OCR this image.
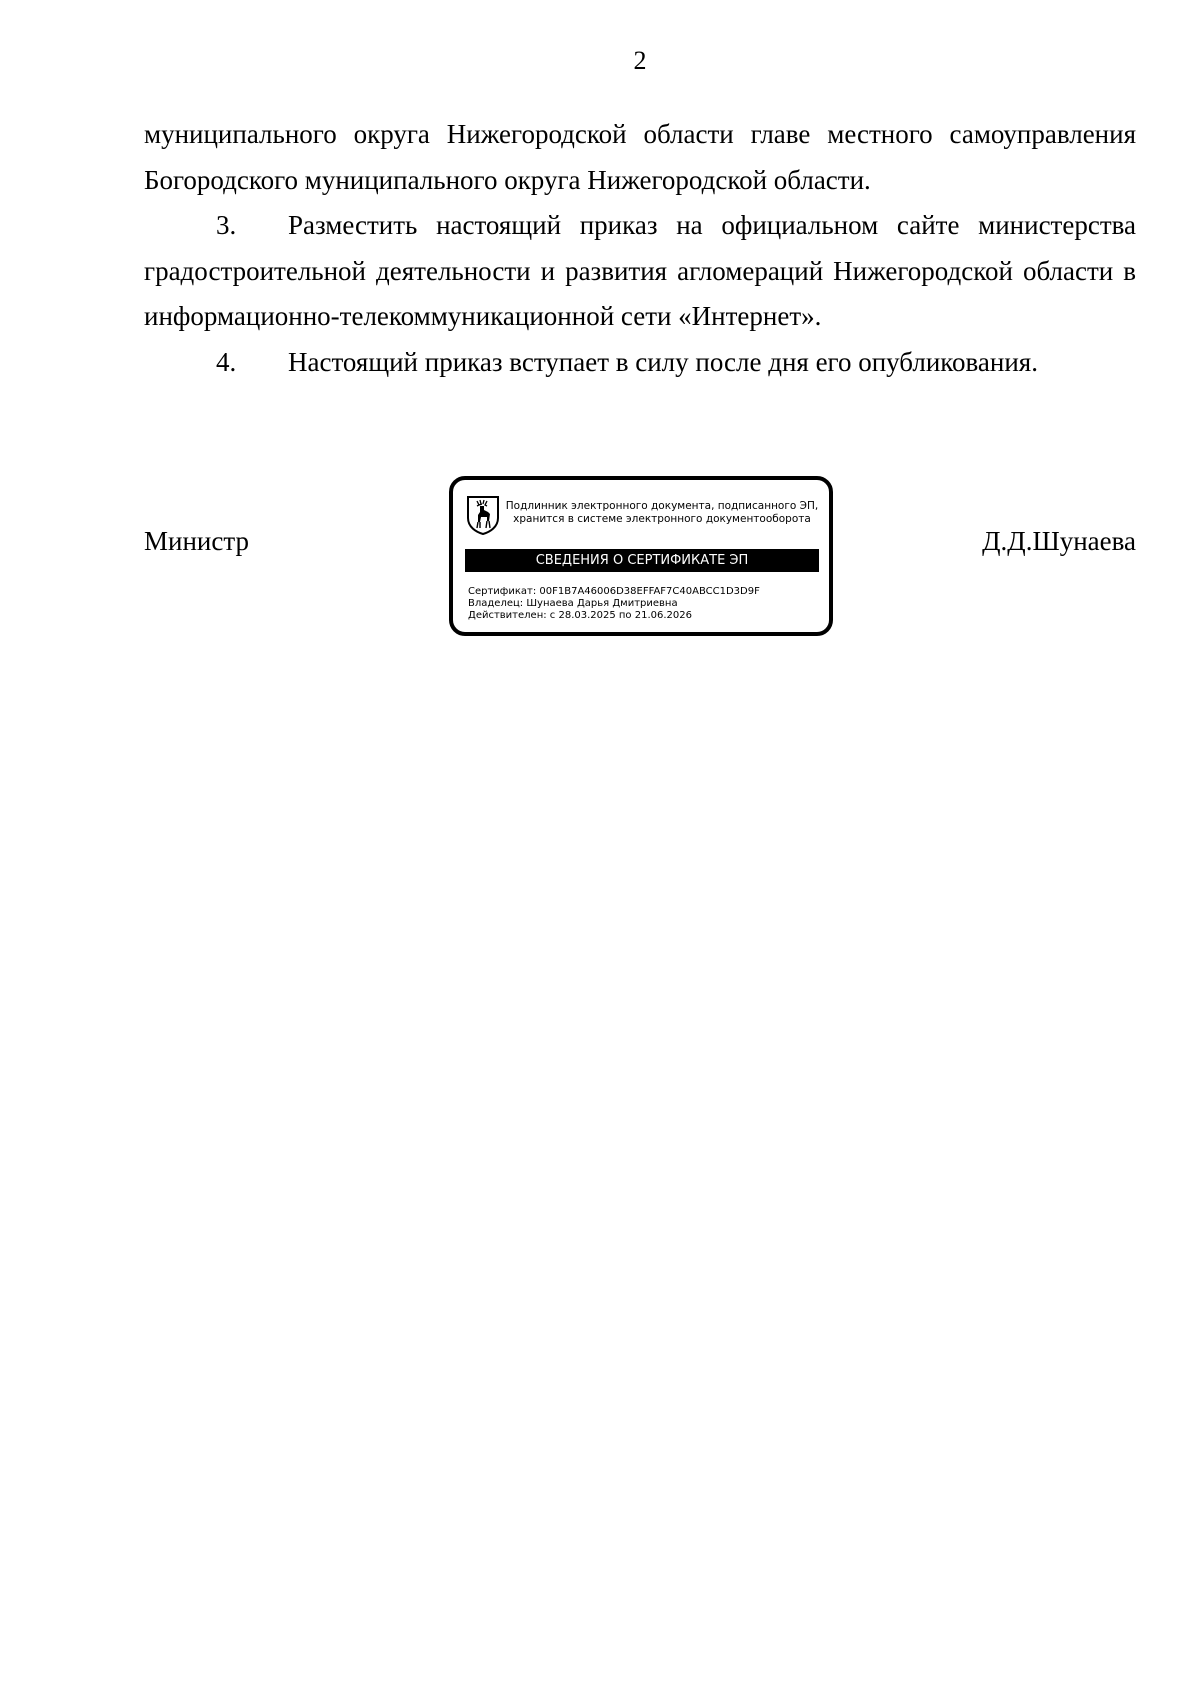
2

муниципального округа Нижегородской области главе местного самоуправления Богородского муниципального округа Нижегородской области.

3. Разместить настоящий приказ на официальном сайте министерства градостроительной деятельности и развития агломераций Нижегородской области в информационно-телекоммуникационной сети «Интернет».

4. Настоящий приказ вступает в силу после дня его опубликования.

Министр	Д.Д.Шунаева
Подлинник электронного документа, подписанного ЭП,
хранится в системе электронного документооборота
СВЕДЕНИЯ О СЕРТИФИКАТЕ ЭП
Сертификат: 00F1B7A46006D38EFFAF7C40ABCC1D3D9F
Владелец: Шунаева Дарья Дмитриевна
Действителен: с 28.03.2025 по 21.06.2026
